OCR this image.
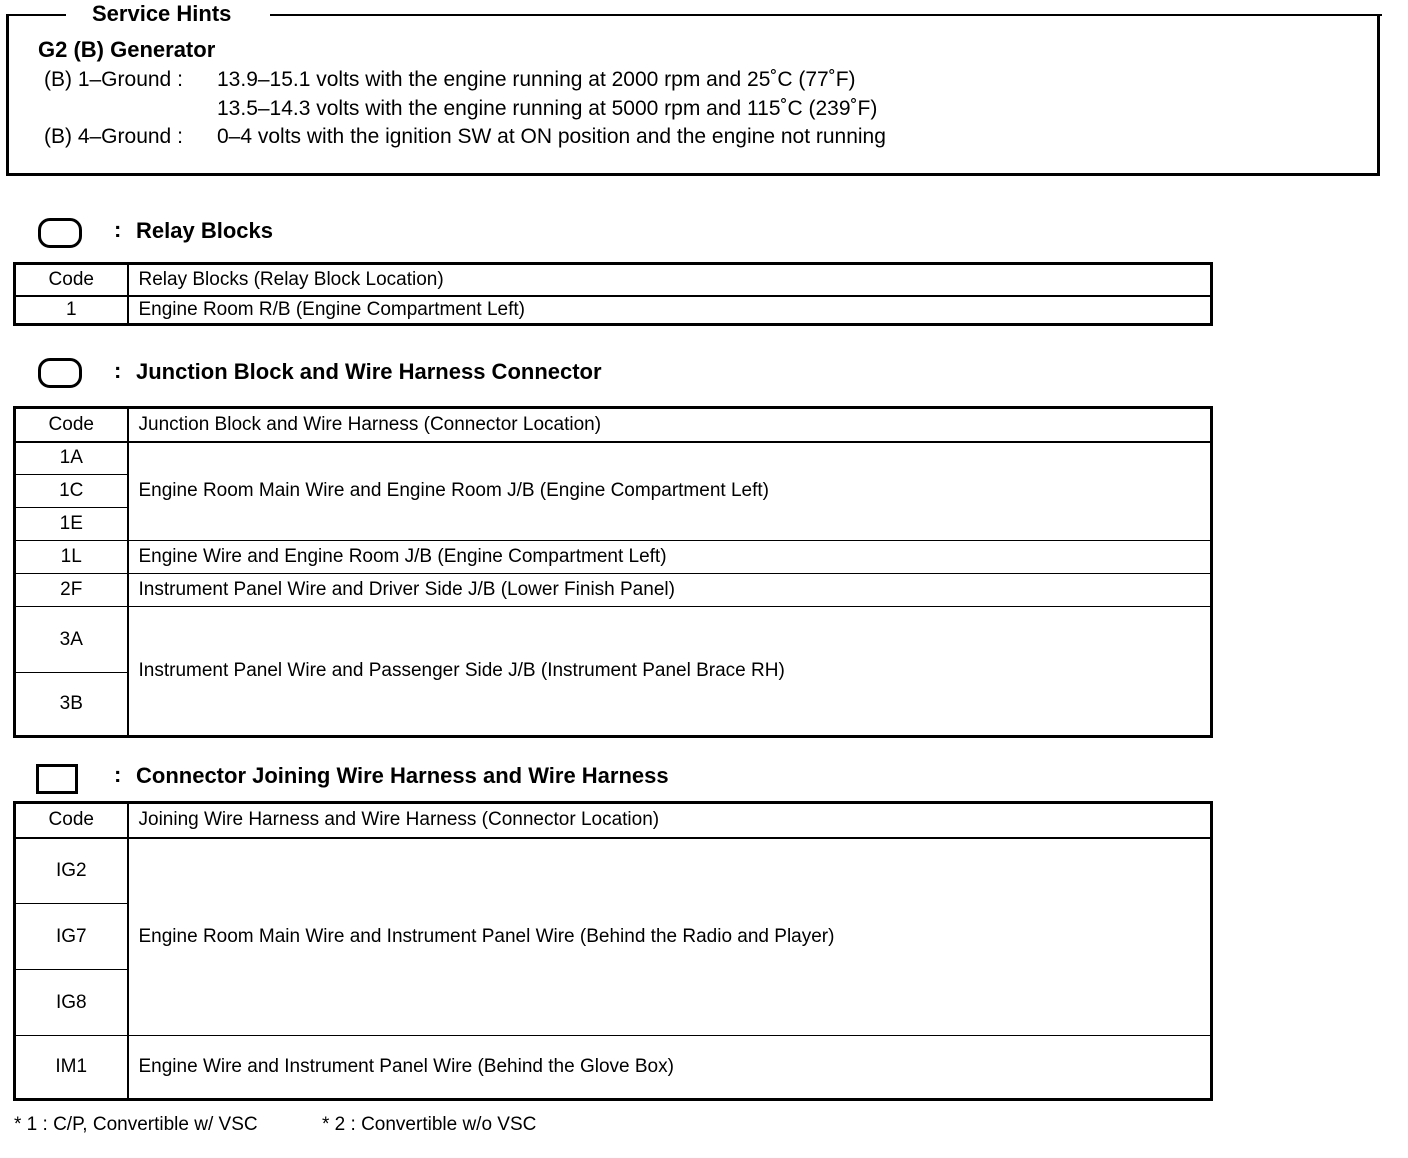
Service Hints
G2 (B) Generator
(B) 1–Ground : 13.9–15.1 volts with the engine running at 2000 rpm and 25˚C (77˚F)
13.5–14.3 volts with the engine running at 5000 rpm and 115˚C (239˚F)
(B) 4–Ground : 0–4 volts with the ignition SW at ON position and the engine not running
: Relay Blocks
Code	Relay Blocks (Relay Block Location)
1	Engine Room R/B (Engine Compartment Left)
: Junction Block and Wire Harness Connector
Code	Junction Block and Wire Harness (Connector Location)
1A	Engine Room Main Wire and Engine Room J/B (Engine Compartment Left)
1C	
1E	
1L	Engine Wire and Engine Room J/B (Engine Compartment Left)
2F	Instrument Panel Wire and Driver Side J/B (Lower Finish Panel)
3A	Instrument Panel Wire and Passenger Side J/B (Instrument Panel Brace RH)
3B	
: Connector Joining Wire Harness and Wire Harness
Code	Joining Wire Harness and Wire Harness (Connector Location)
IG2	Engine Room Main Wire and Instrument Panel Wire (Behind the Radio and Player)
IG7	
IG8	
IM1	Engine Wire and Instrument Panel Wire (Behind the Glove Box)
* 1 : C/P, Convertible w/ VSC	* 2 : Convertible w/o VSC
